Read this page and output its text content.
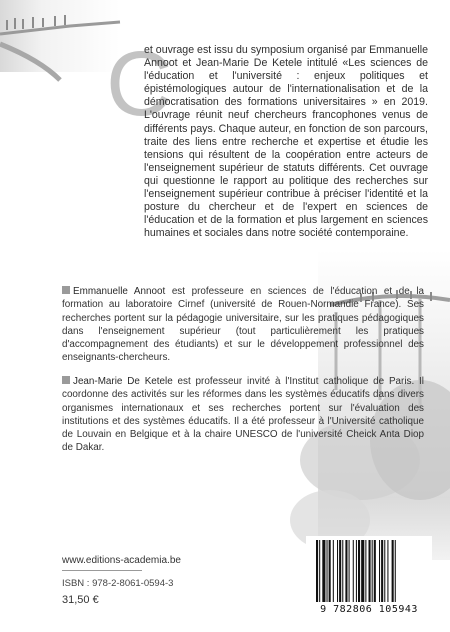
C
et ouvrage est issu du symposium organisé par Emmanuelle Annoot et Jean-Marie De Ketele intitulé «Les sciences de l'éducation et l'université : enjeux politiques et épistémologiques autour de l'internationalisation et de la démocratisation des formations universitaires » en 2019. L'ouvrage réunit neuf chercheurs francophones venus de différents pays. Chaque auteur, en fonction de son parcours, traite des liens entre recherche et expertise et étudie les tensions qui résultent de la coopération entre acteurs de l'enseignement supérieur de statuts différents. Cet ouvrage qui questionne le rapport au politique des recherches sur l'enseignement supérieur contribue à préciser l'identité et la posture du chercheur et de l'expert en sciences de l'éducation et de la formation et plus largement en sciences humaines et sociales dans notre société contemporaine.
Emmanuelle Annoot est professeure en sciences de l'éducation et de la formation au laboratoire Cirnef (université de Rouen-Normandie France). Ses recherches portent sur la pédagogie universitaire, sur les pratiques pédagogiques dans l'enseignement supérieur (tout particulièrement les pratiques d'accompagnement des étudiants) et sur le développement professionnel des enseignants-chercheurs.
Jean-Marie De Ketele est professeur invité à l'Institut catholique de Paris. Il coordonne des activités sur les réformes dans les systèmes éducatifs dans divers organismes internationaux et ses recherches portent sur l'évaluation des institutions et des systèmes éducatifs. Il a été professeur à l'Université catholique de Louvain en Belgique et à la chaire UNESCO de l'université Cheick Anta Diop de Dakar.
www.editions-academia.be
ISBN : 978-2-8061-0594-3
31,50 €
9 782806 105943
